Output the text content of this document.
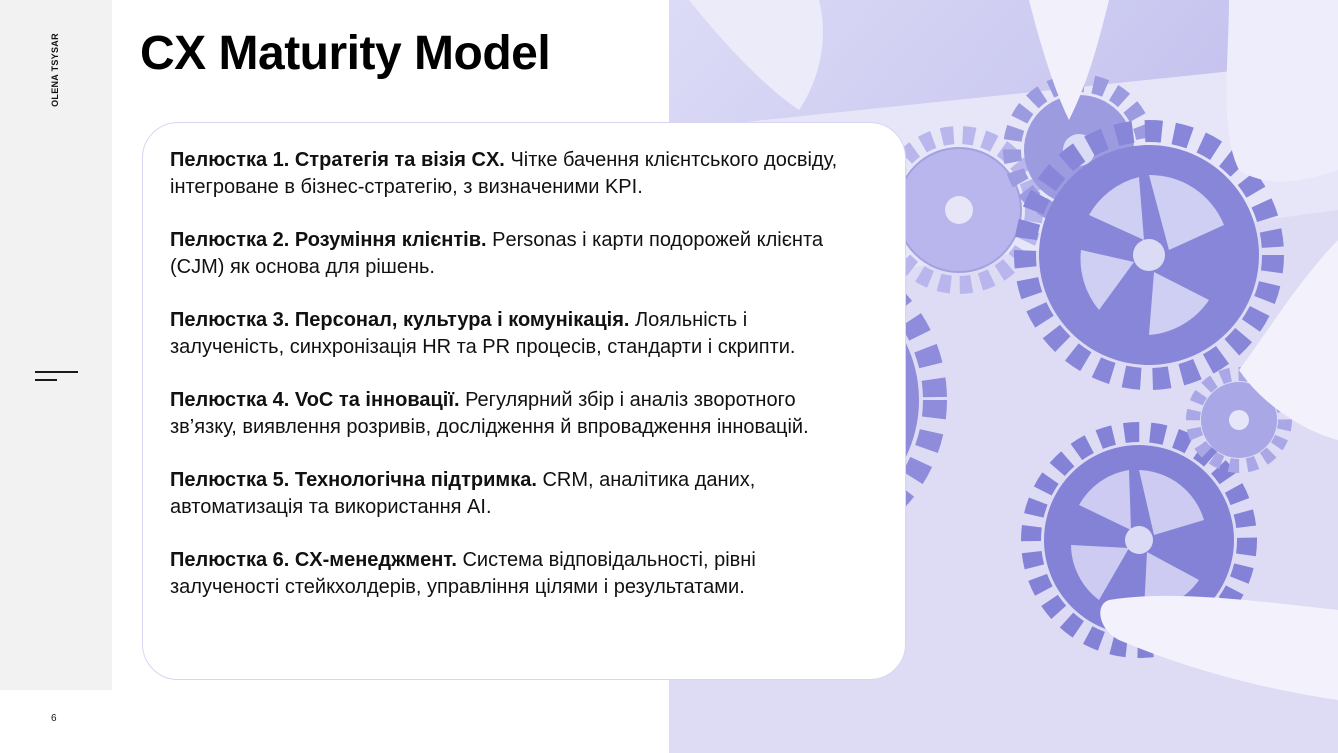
OLENA TSYSAR
6
CX Maturity Model

Пелюстка 1. Стратегія та візія CX. Чітке бачення клієнтського досвіду, інтегроване в бізнес-стратегію, з визначеними KPI.

Пелюстка 2. Розуміння клієнтів. Personas і карти подорожей клієнта (CJM) як основа для рішень.

Пелюстка 3. Персонал, культура і комунікація. Лояльність і залученість, синхронізація HR та PR процесів, стандарти і скрипти.

Пелюстка 4. VoC та інновації. Регулярний збір і аналіз зворотного зв’язку, виявлення розривів, дослідження й впровадження інновацій.

Пелюстка 5. Технологічна підтримка. CRM, аналітика даних, автоматизація та використання AI.

Пелюстка 6. CX-менеджмент. Система відповідальності, рівні залученості стейкхолдерів, управління цілями і результатами.
